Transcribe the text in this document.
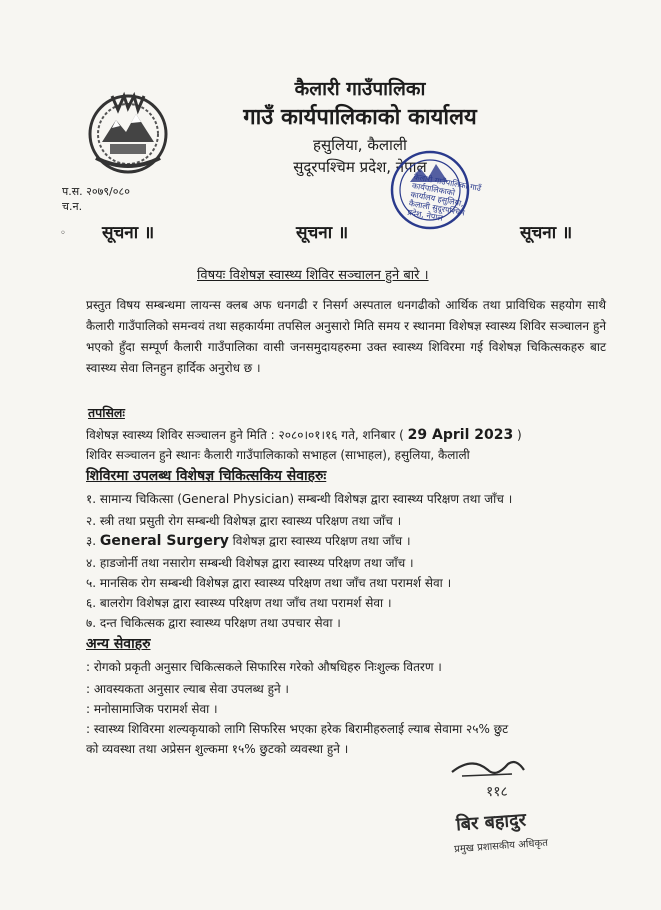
कैलारी गाउँपालिका
गाउँ कार्यपालिकाको कार्यालय
हसुलिया, कैलाली
सुदूरपश्चिम प्रदेश, नेपाल
कैलारी गाउँपालिका गाउँ कार्यपालिकाको कार्यालय हसुलिया, कैलाली सुदूरपश्चिम प्रदेश, नेपाल
प.स. २०७९/०८०
च.न.
◦ सूचना ॥	सूचना ॥	सूचना ॥
विषयः विशेषज्ञ स्वास्थ्य शिविर सञ्चालन हुने बारे ।
प्रस्तुत विषय सम्बन्धमा लायन्स क्लब अफ धनगढी र निसर्ग अस्पताल धनगढीको आर्थिक तथा प्राविधिक सहयोग साथै कैलारी गाउँपालिको समन्वयं तथा सहकार्यमा तपसिल अनुसारो मिति समय र स्थानमा विशेषज्ञ स्वास्थ्य शिविर सञ्चालन हुने भएको हुँदा सम्पूर्ण कैलारी गाउँपालिका वासी जनसमुदायहरुमा उक्त स्वास्थ्य शिविरमा गई विशेषज्ञ चिकित्सकहरु बाट स्वास्थ्य सेवा लिनहुन हार्दिक अनुरोध छ ।
तपसिलः
विशेषज्ञ स्वास्थ्य शिविर सञ्चालन हुने मिति : २०८०।०१।१६ गते, शनिबार ( 29 April 2023 )
शिविर सञ्चालन हुने स्थानः कैलारी गाउँपालिकाको सभाहल (साभाहल), हसुलिया, कैलाली
शिविरमा उपलब्ध विशेषज्ञ चिकित्सकिय सेवाहरुः
१. सामान्य चिकित्सा (General Physician) सम्बन्धी विशेषज्ञ द्वारा स्वास्थ्य परिक्षण तथा जाँच ।
२. स्त्री तथा प्रसुती रोग सम्बन्धी विशेषज्ञ द्वारा स्वास्थ्य परिक्षण तथा जाँच ।
३. General Surgery विशेषज्ञ द्वारा स्वास्थ्य परिक्षण तथा जाँच ।
४. हाडजोर्नी तथा नसारोग सम्बन्धी विशेषज्ञ द्वारा स्वास्थ्य परिक्षण तथा जाँच ।
५. मानसिक रोग सम्बन्धी विशेषज्ञ द्वारा स्वास्थ्य परिक्षण तथा जाँच तथा परामर्श सेवा ।
६. बालरोग विशेषज्ञ द्वारा स्वास्थ्य परिक्षण तथा जाँच तथा परामर्श सेवा ।
७. दन्त चिकित्सक द्वारा स्वास्थ्य परिक्षण तथा उपचार सेवा ।
अन्य सेवाहरु
: रोगको प्रकृती अनुसार चिकित्सकले सिफारिस गरेको औषधिहरु निःशुल्क वितरण ।
: आवस्यकता अनुसार ल्याब सेवा उपलब्ध हुने ।
: मनोसामाजिक परामर्श सेवा ।
: स्वास्थ्य शिविरमा शल्यकृयाको लागि सिफरिस भएका हरेक बिरामीहरुलाई ल्याब सेवामा २५% छुट
को व्यवस्था तथा अप्रेसन शुल्कमा १५% छुटको व्यवस्था हुने ।
११८
बिर बहादुर
प्रमुख प्रशासकीय अधिकृत
